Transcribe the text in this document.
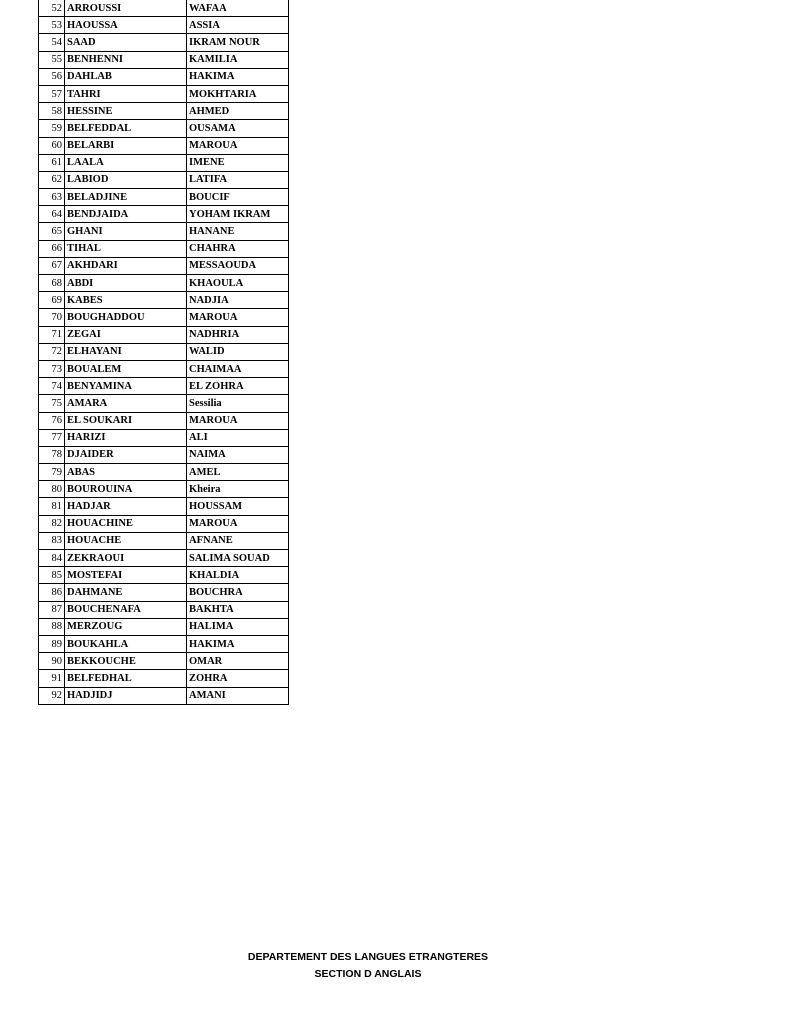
52	ARROUSSI	WAFAA
53	HAOUSSA	ASSIA
54	SAAD	IKRAM NOUR
55	BENHENNI	KAMILIA
56	DAHLAB	HAKIMA
57	TAHRI	MOKHTARIA
58	HESSINE	AHMED
59	BELFEDDAL	OUSAMA
60	BELARBI	MAROUA
61	LAALA	IMENE
62	LABIOD	LATIFA
63	BELADJINE	BOUCIF
64	BENDJAIDA	YOHAM IKRAM
65	GHANI	HANANE
66	TIHAL	CHAHRA
67	AKHDARI	MESSAOUDA
68	ABDI	KHAOULA
69	KABES	NADJIA
70	BOUGHADDOU	MAROUA
71	ZEGAI	NADHRIA
72	ELHAYANI	WALID
73	BOUALEM	CHAIMAA
74	BENYAMINA	EL ZOHRA
75	AMARA	Sessilia
76	EL SOUKARI	MAROUA
77	HARIZI	ALI
78	DJAIDER	NAIMA
79	ABAS	AMEL
80	BOUROUINA	Kheira
81	HADJAR	HOUSSAM
82	HOUACHINE	MAROUA
83	HOUACHE	AFNANE
84	ZEKRAOUI	SALIMA SOUAD
85	MOSTEFAI	KHALDIA
86	DAHMANE	BOUCHRA
87	BOUCHENAFA	BAKHTA
88	MERZOUG	HALIMA
89	BOUKAHLA	HAKIMA
90	BEKKOUCHE	OMAR
91	BELFEDHAL	ZOHRA
92	HADJIDJ	AMANI
DEPARTEMENT DES LANGUES ETRANGTERES
SECTION D ANGLAIS
